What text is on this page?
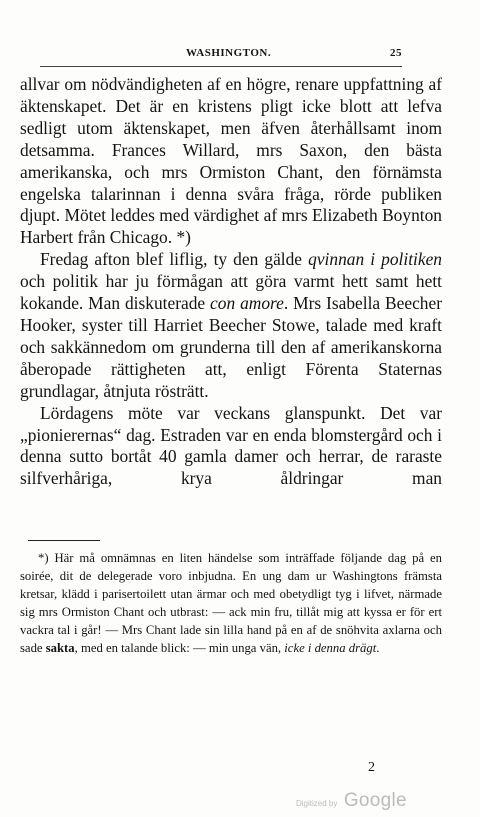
WASHINGTON.	25

allvar om nödvändigheten af en högre, renare uppfattning af äktenskapet. Det är en kristens pligt icke blott att lefva sedligt utom äktenskapet, men äfven återhållsamt inom detsamma. Frances Willard, mrs Saxon, den bästa amerikanska, och mrs Ormiston Chant, den förnämsta engelska talarinnan i denna svåra fråga, rörde publiken djupt. Mötet leddes med värdighet af mrs Elizabeth Boynton Harbert från Chicago. *)

Fredag afton blef liflig, ty den gälde qvinnan i politiken och politik har ju förmågan att göra varmt hett samt hett kokande. Man diskuterade con amore. Mrs Isabella Beecher Hooker, syster till Harriet Beecher Stowe, talade med kraft och sakkännedom om grunderna till den af amerikanskorna åberopade rättigheten att, enligt Förenta Staternas grundlagar, åtnjuta rösträtt.

Lördagens möte var veckans glanspunkt. Det var „pionierernas“ dag. Estraden var en enda blomstergård och i denna sutto bortåt 40 gamla damer och herrar, de raraste silfverhåriga, krya åldringar man

*) Här må omnämnas en liten händelse som inträffade följande dag på en soirée, dit de delegerade voro inbjudna. En ung dam ur Washingtons främsta kretsar, klädd i parisertoilett utan ärmar och med obetydligt tyg i lifvet, närmade sig mrs Ormiston Chant och utbrast: — ack min fru, tillåt mig att kyssa er för ert vackra tal i går! — Mrs Chant lade sin lilla hand på en af de snöhvita axlarna och sade sakta, med en talande blick: — min unga vän, icke i denna drägt.

2
Digitized by Google
